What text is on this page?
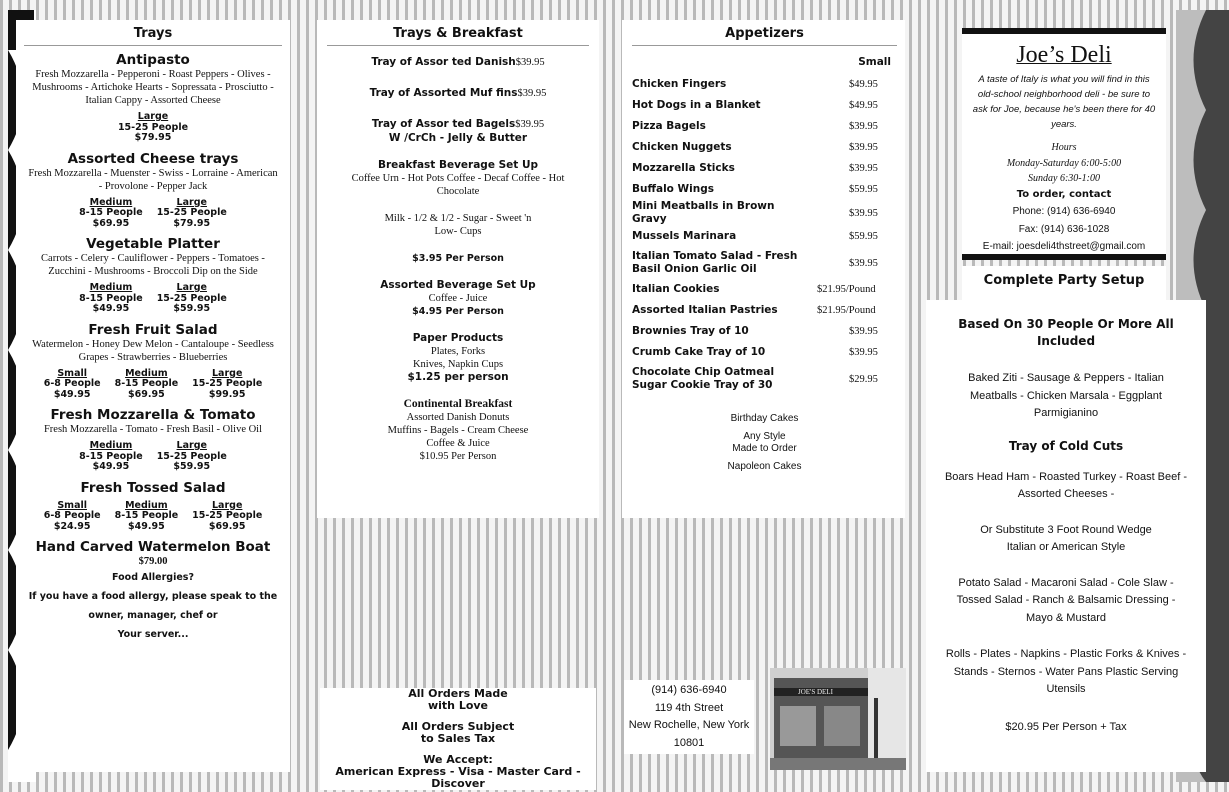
Trays
Antipasto
Fresh Mozzarella - Pepperoni - Roast Peppers - Olives - Mushrooms - Artichoke Hearts - Sopressata - Prosciutto - Italian Cappy - Assorted Cheese
Large
15-25 People
$79.95
Assorted Cheese trays
Fresh Mozzarella - Muenster - Swiss - Lorraine - American - Provolone - Pepper Jack
Medium
8-15 People
$69.95
Large
15-25 People
$79.95
Vegetable Platter
Carrots - Celery - Cauliflower - Peppers - Tomatoes - Zucchini - Mushrooms - Broccoli Dip on the Side
Medium
8-15 People
$49.95
Large
15-25 People
$59.95
Fresh Fruit Salad
Watermelon - Honey Dew Melon - Cantaloupe - Seedless Grapes - Strawberries - Blueberries
Small
6-8 People
$49.95
Medium
8-15 People
$69.95
Large
15-25 People
$99.95
Fresh Mozzarella & Tomato
Fresh Mozzarella - Tomato - Fresh Basil - Olive Oil
Medium
8-15 People
$49.95
Large
15-25 People
$59.95
Fresh Tossed Salad
Small
6-8 People
$24.95
Medium
8-15 People
$49.95
Large
15-25 People
$69.95
Hand Carved Watermelon Boat
$79.00
Food Allergies?
If you have a food allergy, please speak to the
owner, manager, chef or
Your server...
Trays & Breakfast
Tray of Assor ted Danish$39.95
Tray of Assorted Muf fins$39.95
Tray of Assor ted Bagels$39.95
W /CrCh - Jelly & Butter
Breakfast Beverage Set Up
Coffee Urn - Hot Pots Coffee - Decaf Coffee - Hot Chocolate
Milk - 1/2 & 1/2 - Sugar - Sweet 'n Low- Cups
$3.95 Per Person
Assorted Beverage Set Up
Coffee - Juice
$4.95 Per Person
Paper Products
Plates, Forks
Knives, Napkin Cups
$1.25 per person
Continental Breakfast
Assorted Danish Donuts
Muffins - Bagels - Cream Cheese
Coffee & Juice
$10.95 Per Person
All Orders Made with Love
All Orders Subject to Sales Tax
We Accept:
American Express - Visa - Master Card - Discover
Appetizers
Small
Chicken Fingers	$49.95
Hot Dogs in a Blanket	$49.95
Pizza Bagels	$39.95
Chicken Nuggets	$39.95
Mozzarella Sticks	$39.95
Buffalo Wings	$59.95
Mini Meatballs in Brown Gravy	$39.95
Mussels Marinara	$59.95
Italian Tomato Salad - Fresh Basil Onion Garlic Oil	$39.95
Italian Cookies	$21.95/Pound
Assorted Italian Pastries	$21.95/Pound
Brownies Tray of 10	$39.95
Crumb Cake Tray of 10	$39.95
Chocolate Chip Oatmeal Sugar Cookie Tray of 30	$29.95
Birthday Cakes
Any Style
Made to Order
Napoleon Cakes
(914) 636-6940
119 4th Street
New Rochelle, New York
10801
JOE'S DELI
Joe’s Deli
A taste of Italy is what you will find in this old-school neighborhood deli - be sure to ask for Joe, because he's been there for 40 years.
Hours
Monday-Saturday 6:00-5:00
Sunday 6:30-1:00
To order, contact
Phone: (914) 636-6940
Fax: (914) 636-1028
E-mail: joesdeli4thstreet@gmail.com
Complete Party Setup
Based On 30 People Or More All Included
Baked Ziti - Sausage & Peppers - Italian Meatballs - Chicken Marsala - Eggplant Parmigianino
Tray of Cold Cuts
Boars Head Ham - Roasted Turkey - Roast Beef - Assorted Cheeses -
Or Substitute 3 Foot Round Wedge Italian or American Style
Potato Salad - Macaroni Salad - Cole Slaw - Tossed Salad - Ranch & Balsamic Dressing - Mayo & Mustard
Rolls - Plates - Napkins - Plastic Forks & Knives - Stands - Sternos - Water Pans Plastic Serving Utensils
$20.95 Per Person + Tax
